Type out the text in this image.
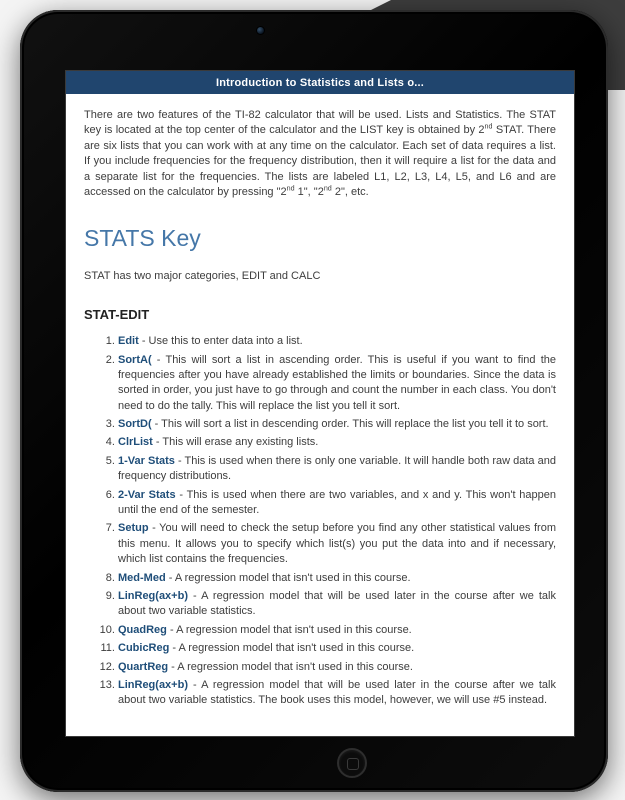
Introduction to Statistics and Lists o...

There are two features of the TI-82 calculator that will be used. Lists and Statistics. The STAT key is located at the top center of the calculator and the LIST key is obtained by 2nd STAT. There are six lists that you can work with at any time on the calculator. Each set of data requires a list. If you include frequencies for the frequency distribution, then it will require a list for the data and a separate list for the frequencies. The lists are labeled L1, L2, L3, L4, L5, and L6 and are accessed on the calculator by pressing "2nd 1", "2nd 2", etc.

STATS Key

STAT has two major categories, EDIT and CALC

STAT-EDIT
1. Edit - Use this to enter data into a list.
2. SortA( - This will sort a list in ascending order. This is useful if you want to find the frequencies after you have already established the limits or boundaries. Since the data is sorted in order, you just have to go through and count the number in each class. You don't need to do the tally. This will replace the list you tell it sort.
3. SortD( - This will sort a list in descending order. This will replace the list you tell it to sort.
4. ClrList - This will erase any existing lists.
5. 1-Var Stats - This is used when there is only one variable. It will handle both raw data and frequency distributions.
6. 2-Var Stats - This is used when there are two variables, and x and y. This won't happen until the end of the semester.
7. Setup - You will need to check the setup before you find any other statistical values from this menu. It allows you to specify which list(s) you put the data into and if necessary, which list contains the frequencies.
8. Med-Med - A regression model that isn't used in this course.
9. LinReg(ax+b) - A regression model that will be used later in the course after we talk about two variable statistics.
10. QuadReg - A regression model that isn't used in this course.
11. CubicReg - A regression model that isn't used in this course.
12. QuartReg - A regression model that isn't used in this course.
13. LinReg(ax+b) - A regression model that will be used later in the course after we talk about two variable statistics. The book uses this model, however, we will use #5 instead.
